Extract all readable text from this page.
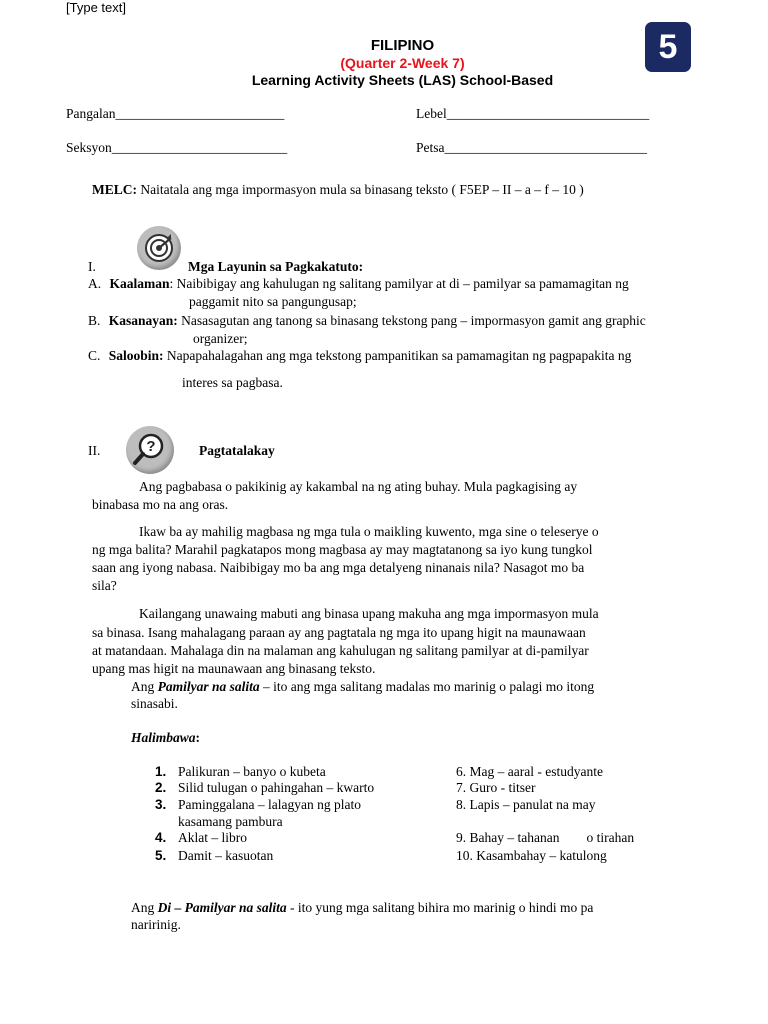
[Type text]
FILIPINO
(Quarter 2-Week 7)
Learning Activity Sheets (LAS) School-Based
5
Pangalan_________________________	Lebel______________________________
Seksyon__________________________	Petsa______________________________
MELC: Naitatala ang mga impormasyon mula sa binasang teksto ( F5EP – II – a – f – 10 )
I.	Mga Layunin sa Pagkakatuto:
A. Kaalaman: Naibibigay ang kahulugan ng salitang pamilyar at di – pamilyar sa pamamagitan ng
paggamit nito sa pangungusap;
B. Kasanayan: Nasasagutan ang tanong sa binasang tekstong pang – impormasyon gamit ang graphic
organizer;
C. Saloobin: Napapahalagahan ang mga tekstong pampanitikan sa pamamagitan ng pagpapakita ng
interes sa pagbasa.
?
II.	Pagtatalakay
Ang pagbabasa o pakikinig ay kakambal na ng ating buhay. Mula pagkagising ay
binabasa mo na ang oras.
Ikaw ba ay mahilig magbasa ng mga tula o maikling kuwento, mga sine o teleserye o
ng mga balita? Marahil pagkatapos mong magbasa ay may magtatanong sa iyo kung tungkol
saan ang iyong nabasa. Naibibigay mo ba ang mga detalyeng ninanais nila? Nasagot mo ba
sila?
Kailangang unawaing mabuti ang binasa upang makuha ang mga impormasyon mula
sa binasa. Isang mahalagang paraan ay ang pagtatala ng mga ito upang higit na maunawaan
at matandaan. Mahalaga din na malaman ang kahulugan ng salitang pamilyar at di-pamilyar
upang mas higit na maunawaan ang binasang teksto.
Ang Pamilyar na salita – ito ang mga salitang madalas mo marinig o palagi mo itong
sinasabi.
Halimbawa:
1. Palikuran – banyo o kubeta
2. Silid tulugan o pahingahan – kwarto
3. Paminggalana – lalagyan ng plato
kasamang pambura
4. Aklat – libro
5. Damit – kasuotan
6. Mag – aaral - estudyante
7. Guro - titser
8. Lapis – panulat na may
9. Bahay – tahanan        o tirahan
10. Kasambahay – katulong
Ang Di – Pamilyar na salita - ito yung mga salitang bihira mo marinig o hindi mo pa
naririnig.
